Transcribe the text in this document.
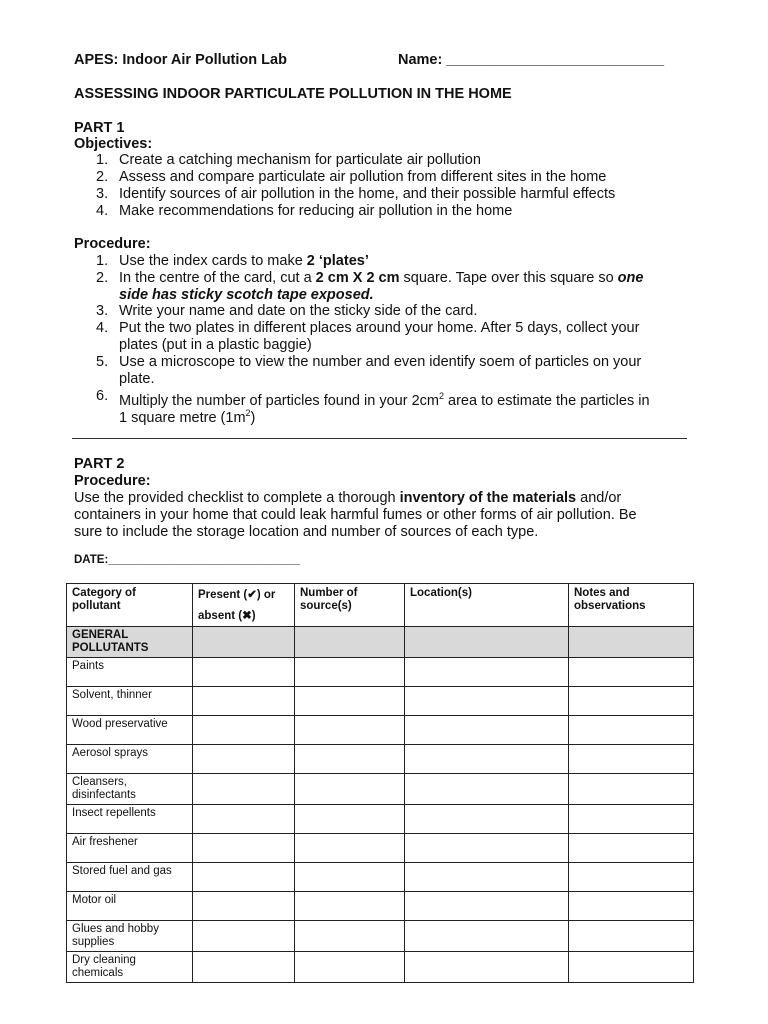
APES: Indoor Air Pollution Lab	Name: ___________________________
ASSESSING INDOOR PARTICULATE POLLUTION IN THE HOME
PART 1
Objectives:
1. Create a catching mechanism for particulate air pollution
2. Assess and compare particulate air pollution from different sites in the home
3. Identify sources of air pollution in the home, and their possible harmful effects
4. Make recommendations for reducing air pollution in the home
Procedure:
1. Use the index cards to make 2 ‘plates’
2. In the centre of the card, cut a 2 cm X 2 cm square. Tape over this square so one
side has sticky scotch tape exposed.
3. Write your name and date on the sticky side of the card.
4. Put the two plates in different places around your home. After 5 days, collect your
plates (put in a plastic baggie)
5. Use a microscope to view the number and even identify soem of particles on your
plate.
6. Multiply the number of particles found in your $2cm^2$ area to estimate the particles in
1 square metre $(1m^2)$
PART 2
Procedure:
Use the provided checklist to complete a thorough inventory of the materials and/or
containers in your home that could leak harmful fumes or other forms of air pollution. Be
sure to include the storage location and number of sources of each type.
DATE:______________________________
Category of pollutant	Present (✔) or
absent (✖)	Number of source(s)	Location(s)	Notes and observations
GENERAL POLLUTANTS				
Paints				
Solvent, thinner				
Wood preservative				
Aerosol sprays				
Cleansers, disinfectants				
Insect repellents				
Air freshener				
Stored fuel and gas				
Motor oil				
Glues and hobby supplies				
Dry cleaning chemicals				
